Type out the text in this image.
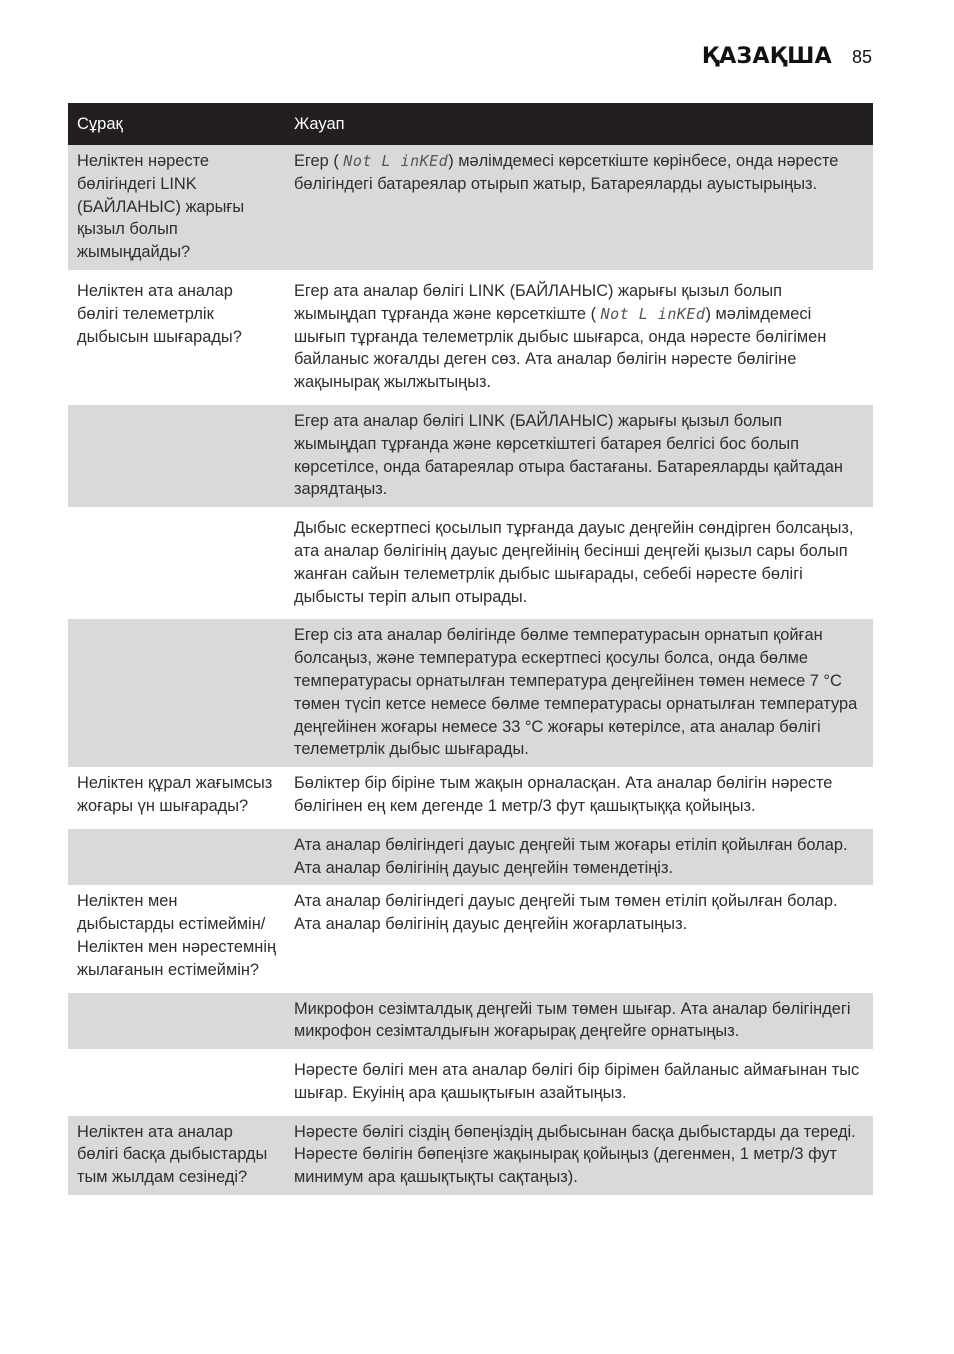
ҚАЗАҚША 85
Сұрақ	Жауап
Неліктен нәресте бөлігіндегі LINK (БАЙЛАНЫС) жарығы қызыл болып жымыңдайды?	Егер ( Not L inKEd) мәлімдемесі көрсеткіште көрінбесе, онда нәресте бөлігіндегі батареялар отырып жатыр, Батареяларды ауыстырыңыз.
Неліктен ата аналар бөлігі телеметрлік дыбысын шығарады?	Егер ата аналар бөлігі LINK (БАЙЛАНЫС) жарығы қызыл болып жымыңдап тұрғанда және көрсеткіште ( Not L inKEd) мәлімдемесі шығып тұрғанда телеметрлік дыбыс шығарса, онда нәресте бөлігімен байланыс жоғалды деген сөз. Ата аналар бөлігін нәресте бөлігіне жақынырақ жылжытыңыз.
	Егер ата аналар бөлігі LINK (БАЙЛАНЫС) жарығы қызыл болып жымыңдап тұрғанда және көрсеткіштегі батарея белгісі бос болып көрсетілсе, онда батареялар отыра бастағаны. Батареяларды қайтадан зарядтаңыз.
	Дыбыс ескертпесі қосылып тұрғанда дауыс деңгейін сөндірген болсаңыз, ата аналар бөлігінің дауыс деңгейінің бесінші деңгейі қызыл сары болып жанған сайын телеметрлік дыбыс шығарады, себебі нәресте бөлігі дыбысты теріп алып отырады.
	Егер сіз ата аналар бөлігінде бөлме температурасын орнатып қойған болсаңыз, және температура ескертпесі қосулы болса, онда бөлме температурасы орнатылған температура деңгейінен төмен немесе 7 °C төмен түсіп кетсе немесе бөлме температурасы орнатылған температура деңгейінен жоғары немесе 33 °C жоғары көтерілсе, ата аналар бөлігі телеметрлік дыбыс шығарады.
Неліктен құрал жағымсыз жоғары үн шығарады?	Бөліктер бір біріне тым жақын орналасқан. Ата аналар бөлігін нәресте бөлігінен ең кем дегенде 1 метр/3 фут қашықтыққа қойыңыз.
	Ата аналар бөлігіндегі дауыс деңгейі тым жоғары етіліп қойылған болар. Ата аналар бөлігінің дауыс деңгейін төмендетіңіз.
Неліктен мен дыбыстарды естімеймін/Неліктен мен нәрестемнің жылағанын естімеймін?	Ата аналар бөлігіндегі дауыс деңгейі тым төмен етіліп қойылған болар. Ата аналар бөлігінің дауыс деңгейін жоғарлатыңыз.
	Микрофон сезімталдық деңгейі тым төмен шығар. Ата аналар бөлігіндегі микрофон сезімталдығын жоғарырақ деңгейге орнатыңыз.
	Нәресте бөлігі мен ата аналар бөлігі бір бірімен байланыс аймағынан тыс шығар. Екуінің ара қашықтығын азайтыңыз.
Неліктен ата аналар бөлігі басқа дыбыстарды тым жылдам сезінеді?	Нәресте бөлігі сіздің бөпеңіздің дыбысынан басқа дыбыстарды да тереді. Нәресте бөлігін бөпеңізге жақынырақ қойыңыз (дегенмен, 1 метр/3 фут минимум ара қашықтықты сақтаңыз).
